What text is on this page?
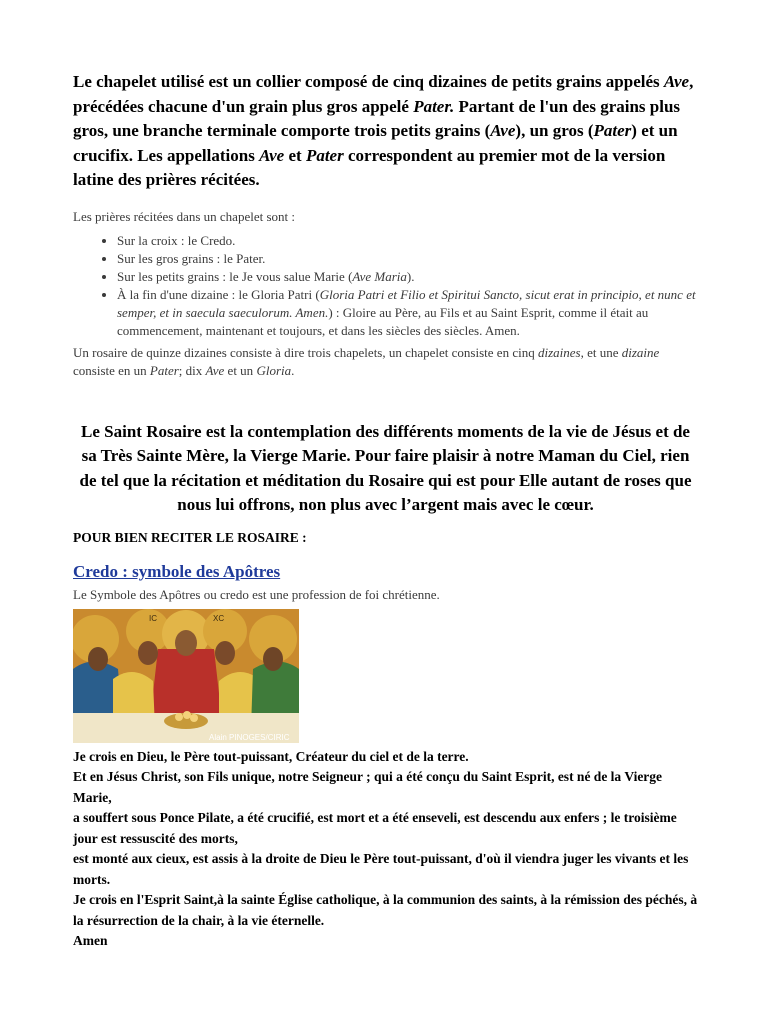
Le chapelet utilisé est un collier composé de cinq dizaines de petits grains appelés Ave, précédées chacune d'un grain plus gros appelé Pater. Partant de l'un des grains plus gros, une branche terminale comporte trois petits grains (Ave), un gros (Pater) et un crucifix. Les appellations Ave et Pater correspondent au premier mot de la version latine des prières récitées.

Les prières récitées dans un chapelet sont :

• Sur la croix : le Credo.
• Sur les gros grains : le Pater.
• Sur les petits grains : le Je vous salue Marie (Ave Maria).
• À la fin d'une dizaine : le Gloria Patri (Gloria Patri et Filio et Spiritui Sancto, sicut erat in principio, et nunc et semper, et in saecula saeculorum. Amen.) : Gloire au Père, au Fils et au Saint Esprit, comme il était au commencement, maintenant et toujours, et dans les siècles des siècles. Amen.

Un rosaire de quinze dizaines consiste à dire trois chapelets, un chapelet consiste en cinq dizaines, et une dizaine consiste en un Pater; dix Ave et un Gloria.

Le Saint Rosaire est la contemplation des différents moments de la vie de Jésus et de sa Très Sainte Mère, la Vierge Marie. Pour faire plaisir à notre Maman du Ciel, rien de tel que la récitation et méditation du Rosaire qui est pour Elle autant de roses que nous lui offrons, non plus avec l’argent mais avec le cœur.

POUR BIEN RECITER LE ROSAIRE :

Credo : symbole des Apôtres

Le Symbole des Apôtres ou credo est une profession de foi chrétienne.

IC	XC
Alain PINOGES/CIRIC
Je crois en Dieu, le Père tout-puissant, Créateur du ciel et de la terre.
Et en Jésus Christ, son Fils unique, notre Seigneur ; qui a été conçu du Saint Esprit, est né de la Vierge Marie,
a souffert sous Ponce Pilate, a été crucifié, est mort et a été enseveli, est descendu aux enfers ; le troisième jour est ressuscité des morts,
est monté aux cieux, est assis à la droite de Dieu le Père tout-puissant, d'où il viendra juger les vivants et les morts.
Je crois en l'Esprit Saint,à la sainte Église catholique, à la communion des saints, à la rémission des péchés, à la résurrection de la chair, à la vie éternelle.
Amen
